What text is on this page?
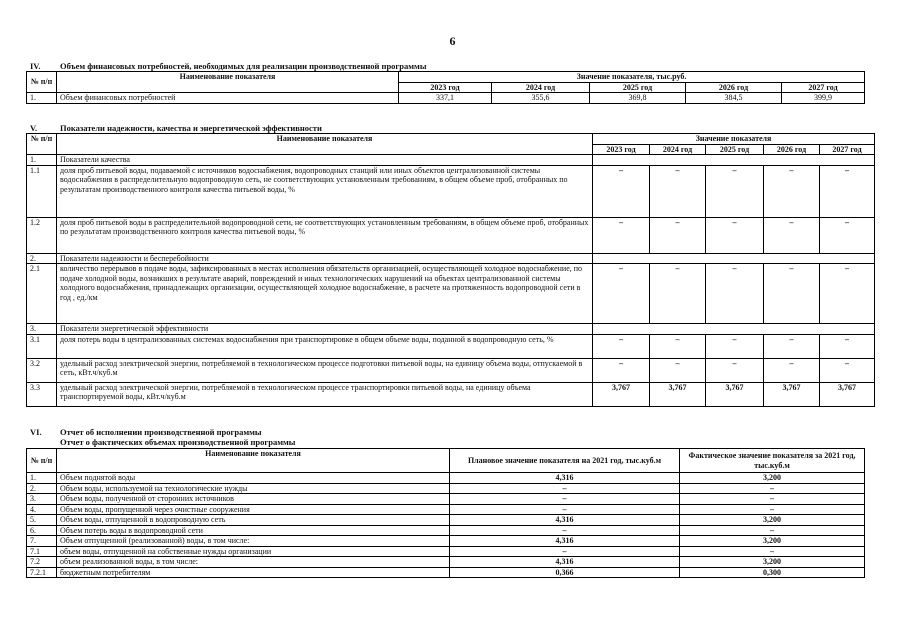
6
IV. Объем финансовых потребностей, необходимых для реализации производственной программы
№ п/п	Наименование показателя	Значение показателя, тыс.руб.				
		2023 год	2024 год	2025 год	2026 год	2027 год
1.	Объем финансовых потребностей	337,1	355,6	369,8	384,5	399,9
V.	Показатели надежности, качества и энергетической эффективности
№ п/п	Наименование показателя	Значение показателя				
		2023 год	2024 год	2025 год	2026 год	2027 год
1.	Показатели качества					
1.1	доля проб питьевой воды, подаваемой с источников водоснабжения, водопроводных станций или иных объектов централизованной системы водоснабжения в распределительную водопроводную сеть, не соответствующих установленным требованиям, в общем объеме проб, отобранных по результатам производственного контроля качества питьевой воды, %	–	–	–	–	–
1.2	доля проб питьевой воды в распределительной водопроводной сети, не соответствующих установленным требованиям, в общем объеме проб, отобранных по результатам производственного контроля качества питьевой воды, %	–	–	–	–	–
2.	Показатели надежности и бесперебойности					
2.1	количество перерывов в подаче воды, зафиксированных в местах исполнения обязательств организацией, осуществляющей холодное водоснабжение, по подаче холодной воды, возникших в результате аварий, повреждений и иных технологических нарушений на объектах централизованной системы холодного водоснабжения, принадлежащих организации, осуществляющей холодное водоснабжение, в расчете на протяженность водопроводной сети в год , ед./км	–	–	–	–	–
3.	Показатели энергетической эффективности					
3.1	доля потерь воды в централизованных системах водоснабжения при транспортировке в общем объеме воды, поданной в водопроводную сеть, %	–	–	–	–	–
3.2	удельный расход электрической энергии, потребляемой в технологическом процессе подготовки питьевой воды, на единицу объема воды, отпускаемой в сеть, кВт.ч/куб.м	–	–	–	–	–
3.3	удельный расход электрической энергии, потребляемой в технологическом процессе транспортировки питьевой воды, на единицу объема транспортируемой воды, кВт.ч/куб.м	3,767	3,767	3,767	3,767	3,767
VI. Отчет об исполнении производственной программы
Отчет о фактических объемах производственной программы
№ п/п	Наименование показателя	Плановое значение показателя на 2021 год, тыс.куб.м	Фактическое значение показателя за 2021 год, тыс.куб.м
1.	Объем поднятой воды	4,316	3,200
2.	Объем воды, используемой на технологические нужды	–	–
3.	Объем воды, полученной от сторонних источников	–	–
4.	Объем воды, пропущенной через очистные сооружения	–	–
5.	Объем воды, отпущенной в водопроводную сеть	4,316	3,200
6.	Объем потерь воды в водопроводной сети	–	–
7.	Объем отпущенной (реализованной) воды, в том числе:	4,316	3,200
7.1	объем воды, отпущенной на собственные нужды организации	–	–
7.2	объем реализованной воды, в том числе:	4,316	3,200
7.2.1	бюджетным потребителям	0,366	0,300
